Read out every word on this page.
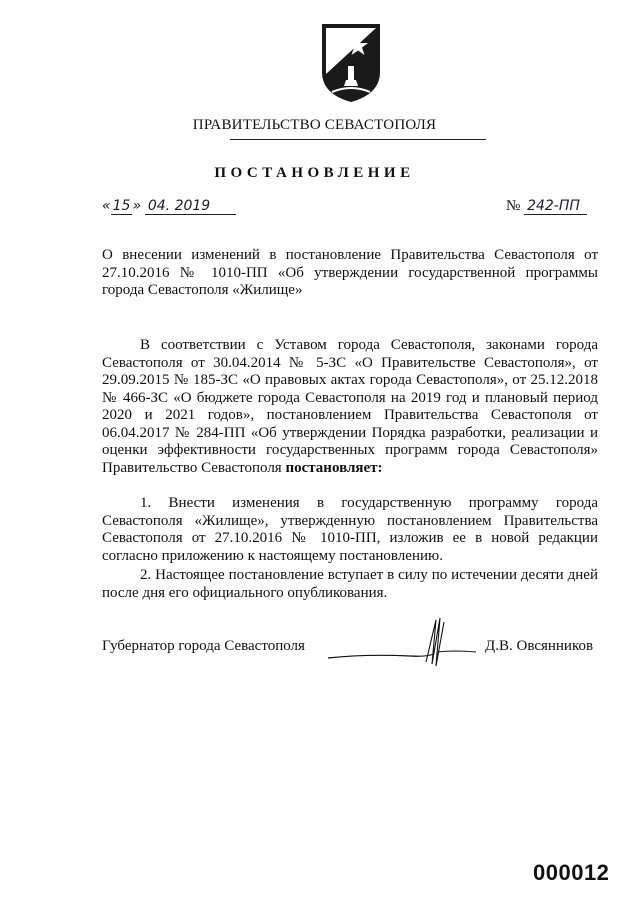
ПРАВИТЕЛЬСТВО СЕВАСТОПОЛЯ
ПОСТАНОВЛЕНИЕ
« 15 » 04. 2019	№ 242-ПП
О внесении изменений в постановление Правительства Севастополя от 27.10.2016 № 1010-ПП «Об утверждении государственной программы города Севастополя «Жилище»
В соответствии с Уставом города Севастополя, законами города Севастополя от 30.04.2014 № 5-ЗС «О Правительстве Севастополя», от 29.09.2015 № 185-ЗС «О правовых актах города Севастополя», от 25.12.2018 № 466-ЗС «О бюджете города Севастополя на 2019 год и плановый период 2020 и 2021 годов», постановлением Правительства Севастополя от 06.04.2017 № 284-ПП «Об утверждении Порядка разработки, реализации и оценки эффективности государственных программ города Севастополя» Правительство Севастополя постановляет:
1. Внести изменения в государственную программу города Севастополя «Жилище», утвержденную постановлением Правительства Севастополя от 27.10.2016 № 1010-ПП, изложив ее в новой редакции согласно приложению к настоящему постановлению.
2. Настоящее постановление вступает в силу по истечении десяти дней после дня его официального опубликования.
Губернатор города Севастополя	Д.В. Овсянников
000012
